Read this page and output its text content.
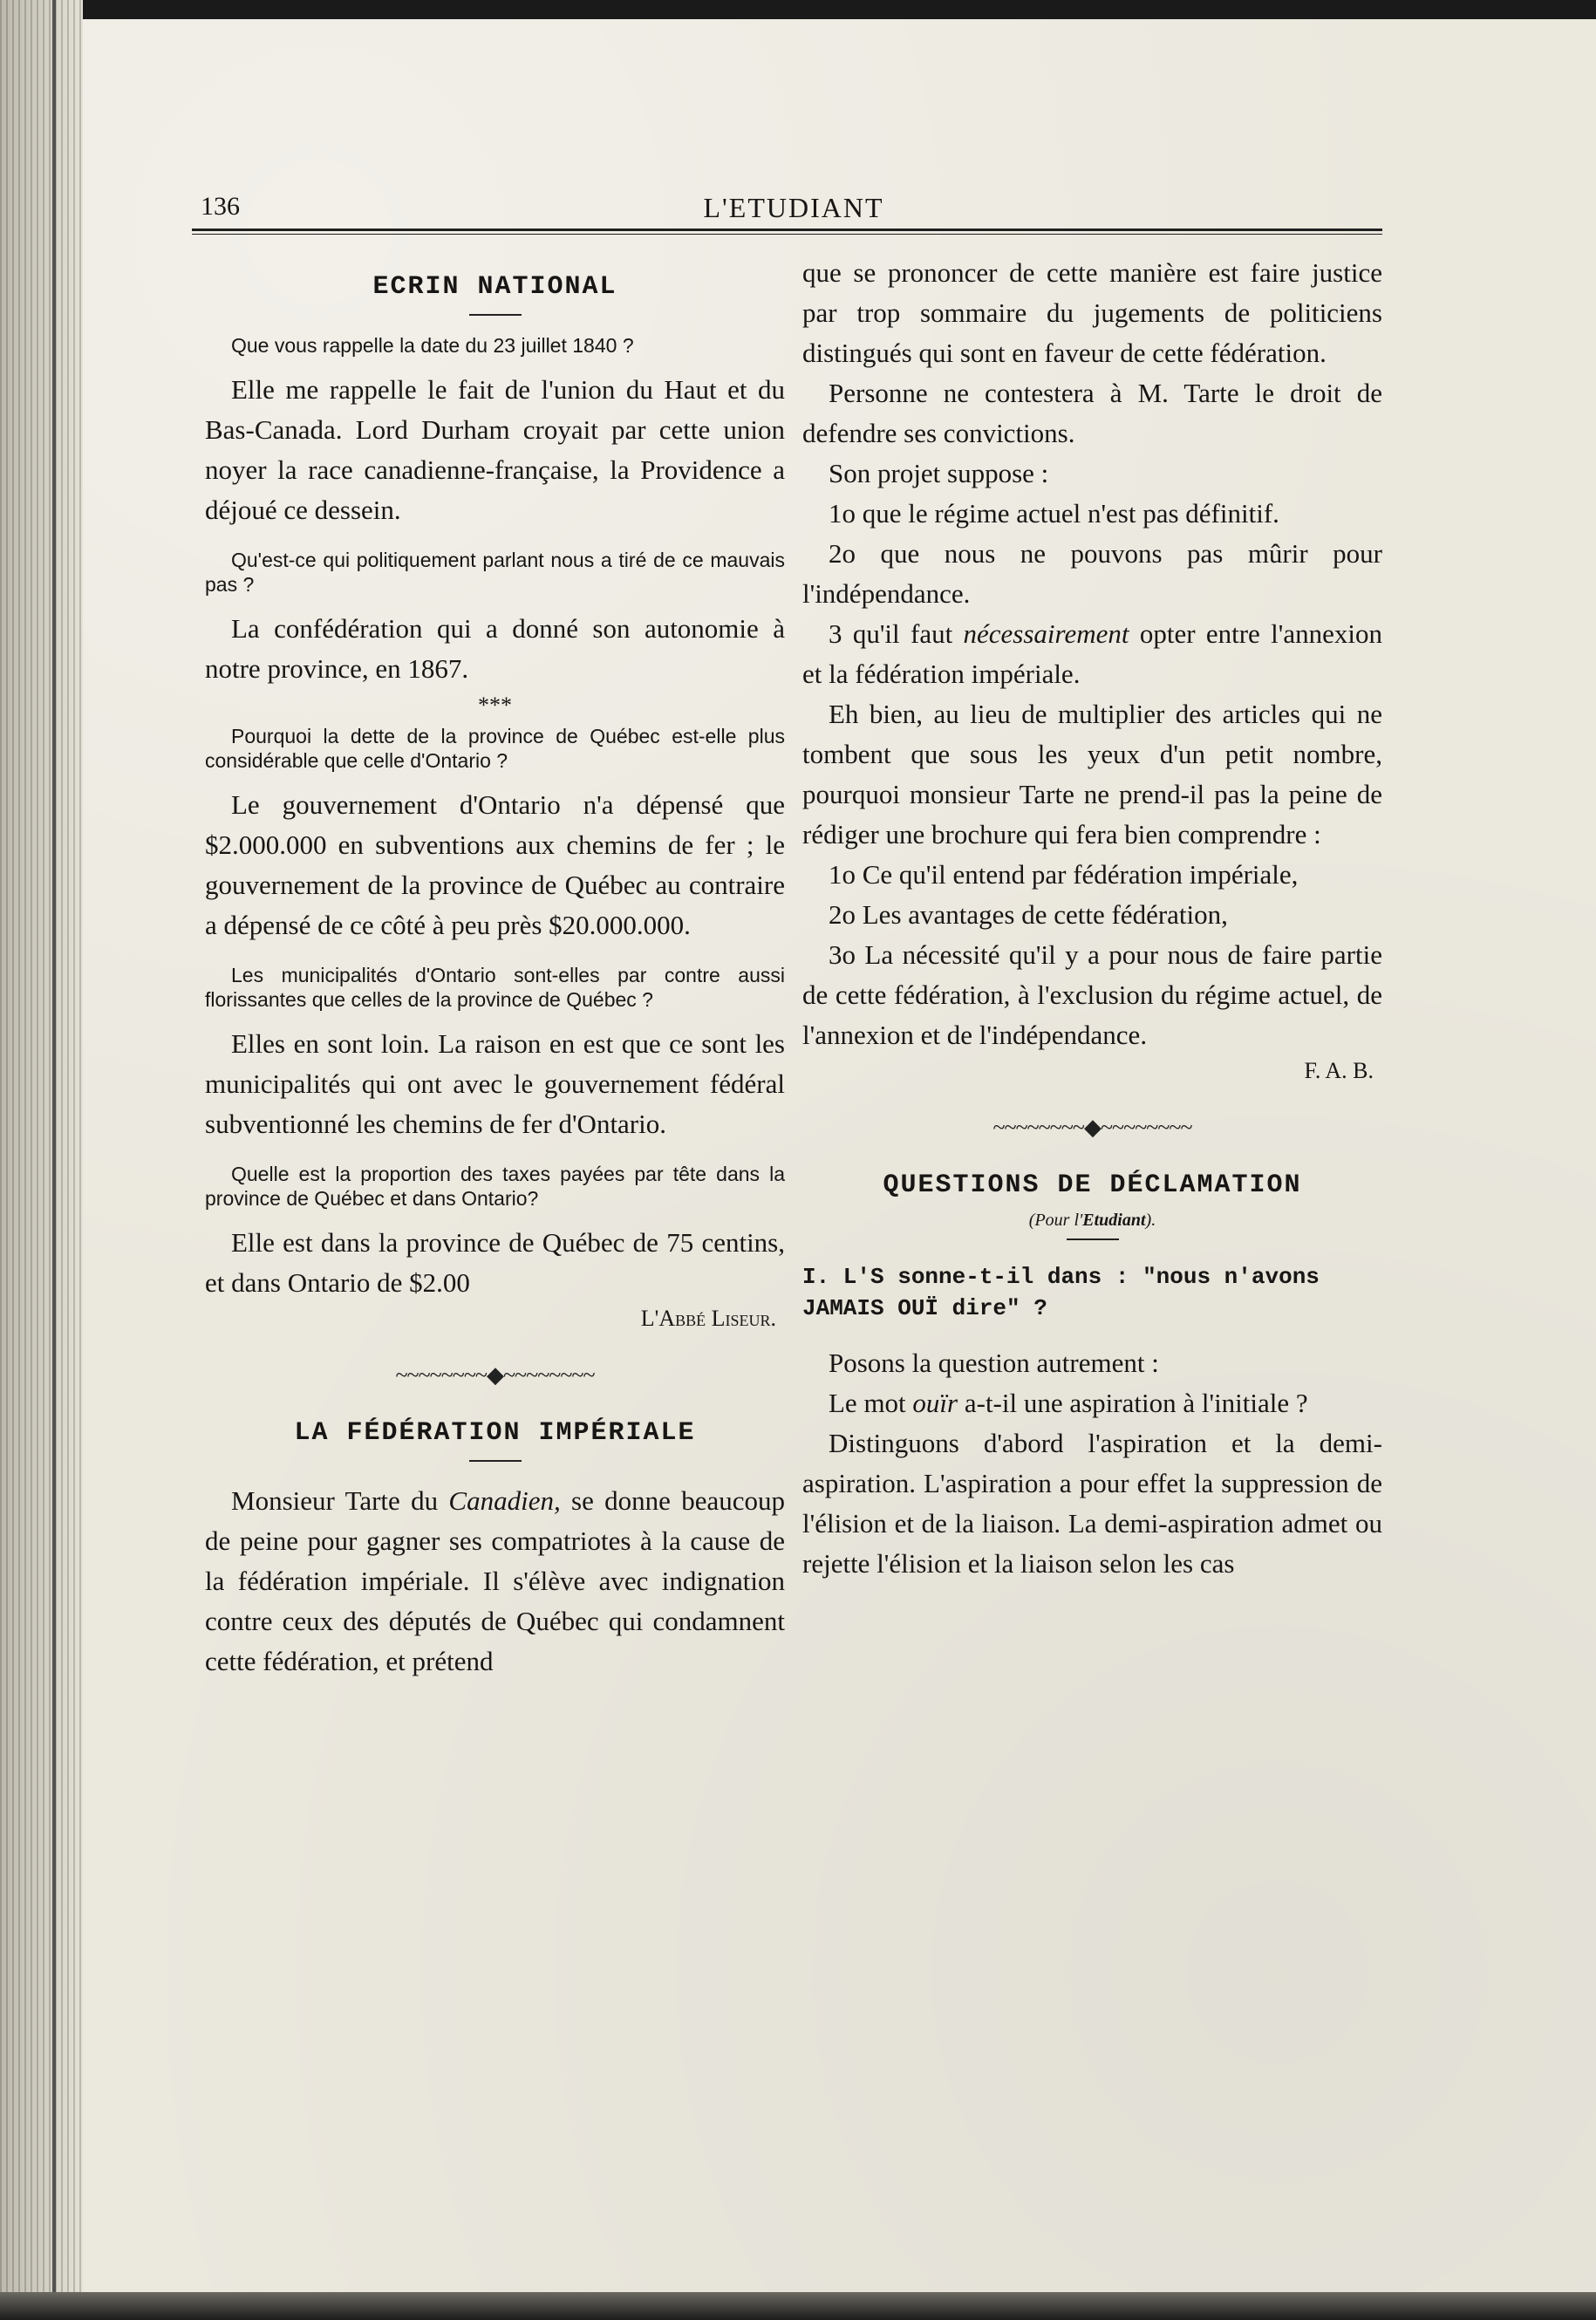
136	L'ETUDIANT
ECRIN NATIONAL

Que vous rappelle la date du 23 juillet 1840 ?

Elle me rappelle le fait de l'union du Haut et du Bas-Canada. Lord Durham croyait par cette union noyer la race canadienne-française, la Providence a déjoué ce dessein.

Qu'est-ce qui politiquement parlant nous a tiré de ce mauvais pas ?

La confédération qui a donné son autonomie à notre province, en 1867.

***

Pourquoi la dette de la province de Québec est-elle plus considérable que celle d'Ontario ?

Le gouvernement d'Ontario n'a dépensé que $2.000.000 en subventions aux chemins de fer ; le gouvernement de la province de Québec au contraire a dépensé de ce côté à peu près $20.000.000.

Les municipalités d'Ontario sont-elles par contre aussi florissantes que celles de la province de Québec ?

Elles en sont loin. La raison en est que ce sont les municipalités qui ont avec le gouvernement fédéral subventionné les chemins de fer d'Ontario.

Quelle est la proportion des taxes payées par tête dans la province de Québec et dans Ontario?

Elle est dans la province de Québec de 75 centins, et dans Ontario de $2.00

L'Abbé Liseur.

~~~~~~~~◆~~~~~~~~
LA FÉDÉRATION IMPÉRIALE

Monsieur Tarte du Canadien, se donne beaucoup de peine pour gagner ses compatriotes à la cause de la fédération impériale. Il s'élève avec indignation contre ceux des députés de Québec qui condamnent cette fédération, et prétend

que se prononcer de cette manière est faire justice par trop sommaire du jugements de politiciens distingués qui sont en faveur de cette fédération.

Personne ne contestera à M. Tarte le droit de defendre ses convictions.

Son projet suppose :

1o que le régime actuel n'est pas définitif.

2o que nous ne pouvons pas mûrir pour l'indépendance.

3 qu'il faut nécessairement opter entre l'annexion et la fédération impériale.

Eh bien, au lieu de multiplier des articles qui ne tombent que sous les yeux d'un petit nombre, pourquoi monsieur Tarte ne prend-il pas la peine de rédiger une brochure qui fera bien comprendre :

1o Ce qu'il entend par fédération impériale,

2o Les avantages de cette fédération,

3o La nécessité qu'il y a pour nous de faire partie de cette fédération, à l'exclusion du régime actuel, de l'annexion et de l'indépendance.

F. A. B.

~~~~~~~~◆~~~~~~~~
QUESTIONS DE DÉCLAMATION

(Pour l'Etudiant).

I. L'S sonne-t-il dans : "nous n'avons JAMAIS OUÏ dire" ?

Posons la question autrement :

Le mot ouïr a-t-il une aspiration à l'initiale ?

Distinguons d'abord l'aspiration et la demi-aspiration. L'aspiration a pour effet la suppression de l'élision et de la liaison. La demi-aspiration admet ou rejette l'élision et la liaison selon les cas
